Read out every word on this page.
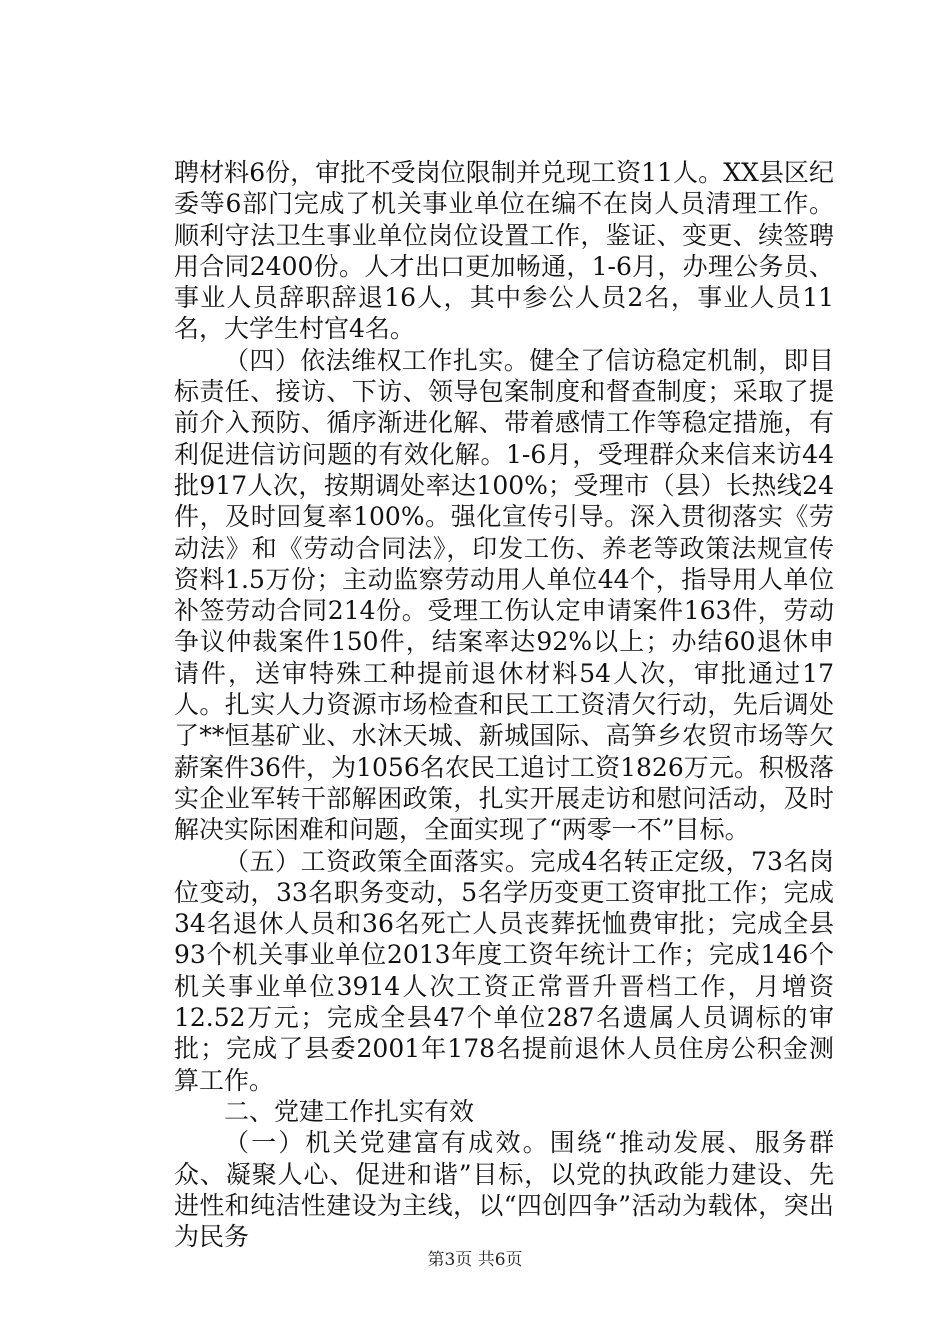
聘材料6份，审批不受岗位限制并兑现工资11人。XX县区纪委等6部门完成了机关事业单位在编不在岗人员清理工作。顺利守法卫生事业单位岗位设置工作，鉴证、变更、续签聘用合同2400份。人才出口更加畅通，1-6月，办理公务员、事业人员辞职辞退16人，其中参公人员2名，事业人员11名，大学生村官4名。

（四）依法维权工作扎实。健全了信访稳定机制，即目标责任、接访、下访、领导包案制度和督查制度；采取了提前介入预防、循序渐进化解、带着感情工作等稳定措施，有利促进信访问题的有效化解。1-6月，受理群众来信来访44批917人次，按期调处率达100%；受理市（县）长热线24件，及时回复率100%。强化宣传引导。深入贯彻落实《劳动法》和《劳动合同法》，印发工伤、养老等政策法规宣传资料1.5万份；主动监察劳动用人单位44个，指导用人单位补签劳动合同214份。受理工伤认定申请案件163件，劳动争议仲裁案件150件，结案率达92%以上；办结60退休申请件，送审特殊工种提前退休材料54人次，审批通过17人。扎实人力资源市场检查和民工工资清欠行动，先后调处了**恒基矿业、水沐天城、新城国际、高笋乡农贸市场等欠薪案件36件，为1056名农民工追讨工资1826万元。积极落实企业军转干部解困政策，扎实开展走访和慰问活动，及时解决实际困难和问题，全面实现了“两零一不”目标。

（五）工资政策全面落实。完成4名转正定级，73名岗位变动，33名职务变动，5名学历变更工资审批工作；完成34名退休人员和36名死亡人员丧葬抚恤费审批；完成全县93个机关事业单位2013年度工资年统计工作；完成146个机关事业单位3914人次工资正常晋升晋档工作，月增资12.52万元；完成全县47个单位287名遗属人员调标的审批；完成了县委2001年178名提前退休人员住房公积金测算工作。

二、党建工作扎实有效

（一）机关党建富有成效。围绕“推动发展、服务群众、凝聚人心、促进和谐”目标，以党的执政能力建设、先进性和纯洁性建设为主线，以“四创四争”活动为载体，突出为民务

第3页 共6页
